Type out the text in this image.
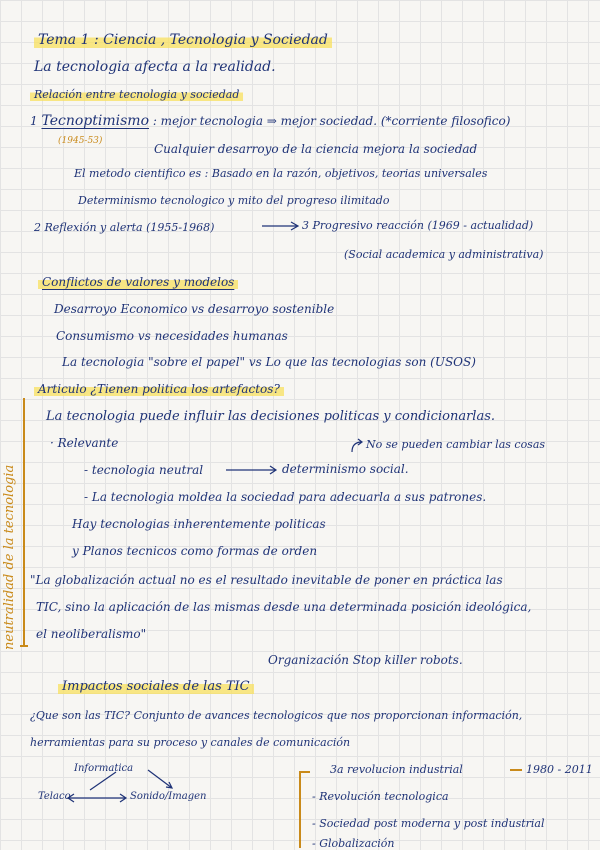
Tema 1 : Ciencia , Tecnologia y Sociedad
La tecnologia afecta a la realidad.
Relación entre tecnologia y sociedad
1 Tecnoptimismo : mejor tecnologia ⇒ mejor sociedad. (*corriente filosofico)
(1945-53)
Cualquier desarroyo de la ciencia mejora la sociedad
El metodo cientifico es : Basado en la razón, objetivos, teorias universales
Determinismo tecnologico y mito del progreso ilimitado
2 Reflexión y alerta (1955-1968)	3 Progresivo reacción (1969 - actualidad)
(Social academica y administrativa)
Conflictos de valores y modelos
Desarroyo Economico vs desarroyo sostenible
Consumismo vs necesidades humanas
La tecnologia "sobre el papel" vs Lo que las tecnologias son (USOS)
Articulo ¿Tienen politica los artefactos?
La tecnologia puede influir las decisiones politicas y condicionarlas.
· Relevante	No se pueden cambiar las cosas
- tecnologia neutral	determinismo social.
- La tecnologia moldea la sociedad para adecuarla a sus patrones.
Hay tecnologias inherentemente politicas
y Planos tecnicos como formas de orden
"La globalización actual no es el resultado inevitable de poner en práctica las
TIC, sino la aplicación de las mismas desde una determinada posición ideológica,
el neoliberalismo"
Organización Stop killer robots.
neutralidad de la tecnologia
Impactos sociales de las TIC
¿Que son las TIC? Conjunto de avances tecnologicos que nos proporcionan información,
herramientas para su proceso y canales de comunicación
Informatica
Telaco	Sonido/Imagen
3a revolucion industrial	1980 - 2011
- Revolución tecnologica
- Sociedad post moderna y post industrial
- Globalización
